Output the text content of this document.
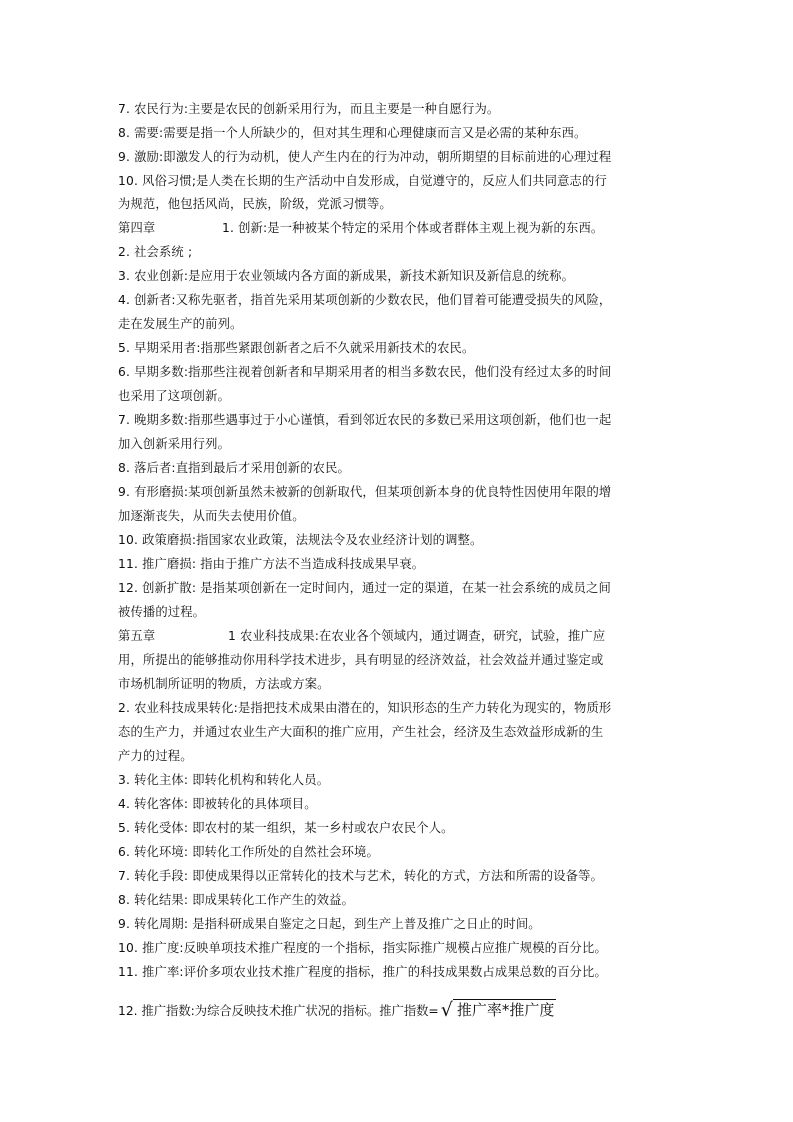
7. 农民行为:主要是农民的创新采用行为，而且主要是一种自愿行为。
8. 需要:需要是指一个人所缺少的，但对其生理和心理健康而言又是必需的某种东西。
9. 激励:即激发人的行为动机，使人产生内在的行为冲动，朝所期望的目标前进的心理过程
10. 风俗习惯;是人类在长期的生产活动中自发形成，自觉遵守的，反应人们共同意志的行
为规范，他包括风尚，民族，阶级，党派习惯等。
第四章	1. 创新:是一种被某个特定的采用个体或者群体主观上视为新的东西。
2. 社会系统 ;
3. 农业创新:是应用于农业领域内各方面的新成果，新技术新知识及新信息的统称。
4. 创新者:又称先驱者，指首先采用某项创新的少数农民，他们冒着可能遭受损失的风险，
走在发展生产的前列。
5. 早期采用者:指那些紧跟创新者之后不久就采用新技术的农民。
6. 早期多数:指那些注视着创新者和早期采用者的相当多数农民，他们没有经过太多的时间
也采用了这项创新。
7. 晚期多数:指那些遇事过于小心谨慎，看到邻近农民的多数已采用这项创新，他们也一起
加入创新采用行列。
8. 落后者:直指到最后才采用创新的农民。
9. 有形磨损:某项创新虽然未被新的创新取代，但某项创新本身的优良特性因使用年限的增
加逐渐丧失，从而失去使用价值。
10. 政策磨损:指国家农业政策，法规法令及农业经济计划的调整。
11. 推广磨损: 指由于推广方法不当造成科技成果早衰。
12. 创新扩散: 是指某项创新在一定时间内，通过一定的渠道，在某一社会系统的成员之间
被传播的过程。
第五章	1 农业科技成果:在农业各个领域内，通过调查，研究，试验，推广应
用，所提出的能够推动你用科学技术进步，具有明显的经济效益，社会效益并通过鉴定或
市场机制所证明的物质，方法或方案。
2. 农业科技成果转化:是指把技术成果由潜在的，知识形态的生产力转化为现实的，物质形
态的生产力，并通过农业生产大面积的推广应用，产生社会，经济及生态效益形成新的生
产力的过程。
3. 转化主体: 即转化机构和转化人员。
4. 转化客体: 即被转化的具体项目。
5. 转化受体: 即农村的某一组织，某一乡村或农户农民个人。
6. 转化环境: 即转化工作所处的自然社会环境。
7. 转化手段: 即使成果得以正常转化的技术与艺术，转化的方式，方法和所需的设备等。
8. 转化结果: 即成果转化工作产生的效益。
9. 转化周期: 是指科研成果自鉴定之日起，到生产上普及推广之日止的时间。
10. 推广度:反映单项技术推广程度的一个指标，指实际推广规模占应推广规模的百分比。
11. 推广率:评价多项农业技术推广程度的指标，推广的科技成果数占成果总数的百分比。
12. 推广指数:为综合反映技术推广状况的指标。推广指数= √ 推广率*推广度
